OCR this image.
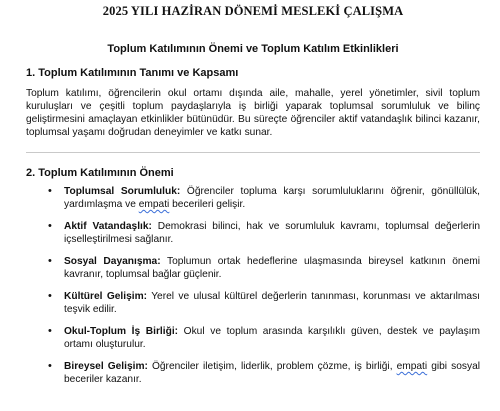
2025 YILI HAZİRAN DÖNEMİ MESLEKİ ÇALIŞMA
Toplum Katılımının Önemi ve Toplum Katılım Etkinlikleri
1. Toplum Katılımının Tanımı ve Kapsamı

Toplum katılımı, öğrencilerin okul ortamı dışında aile, mahalle, yerel yönetimler, sivil toplum kuruluşları ve çeşitli toplum paydaşlarıyla iş birliği yaparak toplumsal sorumluluk ve bilinç geliştirmesini amaçlayan etkinlikler bütünüdür. Bu süreçte öğrenciler aktif vatandaşlık bilinci kazanır, toplumsal yaşamı doğrudan deneyimler ve katkı sunar.

2. Toplum Katılımının Önemi
• Toplumsal Sorumluluk: Öğrenciler topluma karşı sorumluluklarını öğrenir, gönüllülük, yardımlaşma ve empati becerileri gelişir.
• Aktif Vatandaşlık: Demokrasi bilinci, hak ve sorumluluk kavramı, toplumsal değerlerin içselleştirilmesi sağlanır.
• Sosyal Dayanışma: Toplumun ortak hedeflerine ulaşmasında bireysel katkının önemi kavranır, toplumsal bağlar güçlenir.
• Kültürel Gelişim: Yerel ve ulusal kültürel değerlerin tanınması, korunması ve aktarılması teşvik edilir.
• Okul-Toplum İş Birliği: Okul ve toplum arasında karşılıklı güven, destek ve paylaşım ortamı oluşturulur.
• Bireysel Gelişim: Öğrenciler iletişim, liderlik, problem çözme, iş birliği, empati gibi sosyal beceriler kazanır.
